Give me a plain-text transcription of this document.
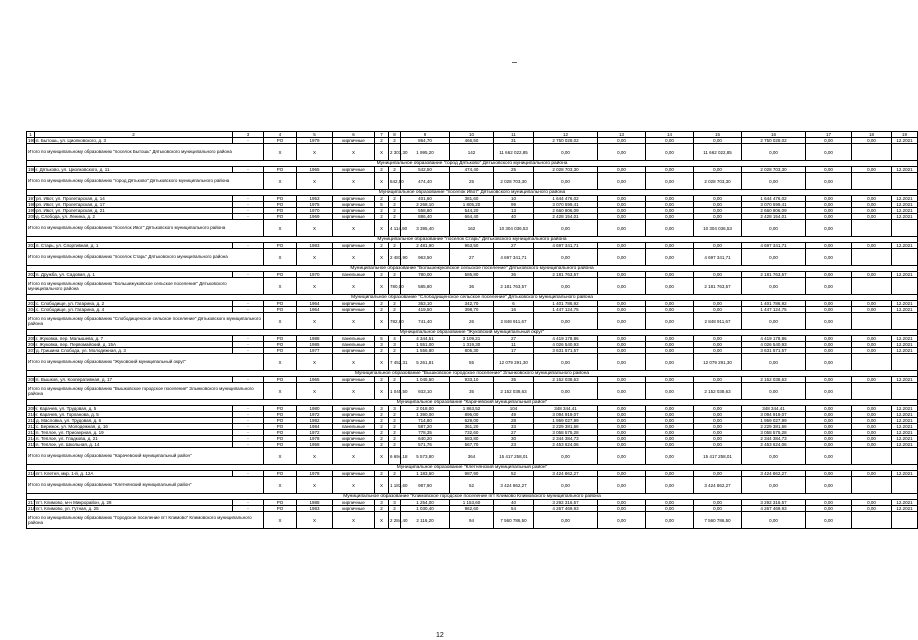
1	2	3	4	5	6	7	8	9	10	11	12	13	14	15	16	17	18	19
195	п. Бытошь, ул. Циолковского, д. 3	-	РО	1979	кирпичные	2	2	864,70	466,50	31	2 750 028,02	0,00	0,00	0,00	2 750 028,02	0,00	0,00	12.2021
Итого по муниципальному образованию "поселок Бытошь" Дятьковского муниципального района			X	X	X	X	2 301,30	1 995,20	142	11 662 022,85	0,00	0,00	0,00	11 662 022,85	0,00	0,00		
Муниципальное образование "город Дятьково" Дятьковского муниципального района																		
196	г. Дятьково, ул. Циолковского, д. 11	-	РО	1965	кирпичные	2	2	542,50	474,40	25	2 028 703,30	0,00	0,00	0,00	2 028 703,30	0,00	0,00	12.2021
Итого по муниципальному образованию "город Дятьково" Дятьковского муниципального района			X	X	X	X	542,50	474,40	25	2 028 703,30	0,00	0,00	0,00	2 028 703,30	0,00	0,00		
Муниципальное образование "поселок Ивот" Дятьковского муниципального района																		
197	рп. Ивот, ул. Пролетарская, д. 14	-	РО	1953	кирпичные	2	2	401,60	381,60	10	1 644 476,02	0,00	0,00	0,00	1 644 476,02	0,00	0,00	12.2021
198	рп. Ивот, ул. Пролетарская, д. 17	-	РО	1975	кирпичные	5	2	2 268,10	1 805,20	99	3 070 599,41	0,00	0,00	0,00	3 070 599,41	0,00	0,00	12.2021
199	рп. Ивот, ул. Пролетарская, д. 21	-	РО	1970	кирпичные	2	2	558,80	544,20	13	2 660 806,09	0,00	0,00	0,00	2 660 806,09	0,00	0,00	12.2021
209	д. Слобода, ул. Ленина, д. 2	-	РО	1969	кирпичные	2	2	886,40	664,40	40	2 428 154,01	0,00	0,00	0,00	2 428 154,01	0,00	0,00	12.2021
Итого по муниципальному образованию "поселок Ивот" Дятьковского муниципального района			X	X	X	X	4 114,90	3 395,40	162	10 304 036,53	0,00	0,00	0,00	10 304 036,53	0,00	0,00		
Муниципальное образование "поселок Старь" Дятьковского муниципального района																		
201	п. Старь, ул. Спортивная, д. 1	-	РО	1983	кирпичные	2	2	2 481,90	963,50	27	4 697 341,71	0,00	0,00	0,00	4 697 341,71	0,00	0,00	12.2021
Итого по муниципальному образованию "поселок Старь" Дятьковского муниципального района			X	X	X	X	2 481,90	963,50	27	4 697 341,71	0,00	0,00	0,00	4 697 341,71	0,00	0,00		
Муниципальное образование "Большежуковское сельское поселение" Дятьковского муниципального района																		
202	п. Дружба, ул. Садовая, д. 1	-	РО	1970	панельные	2	2	780,00	585,80	36	2 181 763,57	0,00	0,00	0,00	2 181 763,57	0,00	0,00	12.2021
Итого по муниципальному образованию "Большежуковское сельское поселение" Дятьковского муниципального района			X	X	X	X	780,00	585,80	36	2 181 763,57	0,00	0,00	0,00	2 181 763,57	0,00	0,00		
Муниципальное образование "Слободищенское сельское поселение" Дятьковского муниципального района																		
203	с. Слободище, ул. Гагарина, д. 2	-	РО	1964	кирпичные	2	2	363,10	342,70	6	1 401 786,92	0,00	0,00	0,00	1 401 786,92	0,00	0,00	12.2021
204	с. Слободище, ул. Гагарина, д. 4	-	РО	1964	кирпичные	2	2	419,50	398,70	16	1 447 124,75	0,00	0,00	0,00	1 447 124,75	0,00	0,00	12.2021
Итого по муниципальному образованию "Слободищенское сельское поселение" Дятьковского муниципального района			X	X	X	X	782,60	741,40	26	2 848 911,67	0,00	0,00	0,00	2 848 911,67	0,00	0,00		
Муниципальное образование "Жуковский муниципальный округ"																		
205	г. Жуковка, пер. Малышева, д. 7	-	РО	1988	панельные	5	4	4 344,51	3 109,21	27	4 419 178,86	0,00	0,00	0,00	4 419 178,86	0,00	0,00	12.2021
206	г. Жуковка, пер. Первомайский, д. 15А	-	РО	1985	панельные	3	3	1 551,00	1 319,30	11	4 026 540,93	0,00	0,00	0,00	4 026 540,93	0,00	0,00	12.2021
207	д. Гришина Слобода, ул. Молодежная, д. 3	-	РО	1977	кирпичные	2	2	1 556,80	805,30	17	3 631 571,57	0,00	0,00	0,00	3 631 571,57	0,00	0,00	12.2021
Итого по муниципальному образованию "Жуковский муниципальный округ"			X	X	X	X	7 452,31	5 261,81	55	12 079 291,30	0,00	0,00	0,00	12 079 291,30	0,00	0,00		
Муниципальное образование "Вышковское городское поселение" Злынковского муниципального района																		
208	п. Вышков, ул. Кооперативная, д. 17	-	РО	1965	кирпичные	2	2	1 045,50	933,10	35	2 152 038,63	0,00	0,00	0,00	2 152 038,63	0,00	0,00	12.2021
Итого по муниципальному образованию "Вышковское городское поселение" Злынковского муниципального района			X	X	X	X	1 045,50	933,10	35	2 152 038,63	0,00	0,00	0,00	2 152 038,63	0,00	0,00		
Муниципальное образование "Карачевский муниципальный район"																		
209	г. Карачев, ул. Трудовая, д. 5	-	РО	1980	кирпичные	3	3	2 018,00	1 863,52	104	348 344,41	0,00	0,00	0,00	348 344,41	0,00	0,00	12.2021
210	г. Карачев, ул. Горланова, д. 5	-	РО	1972	кирпичные	2	2	1 390,00	896,00	49	3 094 919,07	0,00	0,00	0,00	3 094 919,07	0,00	0,00	12.2021
211	д. Масловка, ул. Трудовая, д. 6	-	РО	1982	кирпичные	2	2	714,80	629,00	28	1 959 027,99	0,00	0,00	0,00	1 959 027,99	0,00	0,00	12.2021
212	с. Бережок, ул. Молодежная, д. 16	-	РО	1984	панельные	2	2	587,20	361,20	33	2 229 381,56	0,00	0,00	0,00	2 229 381,56	0,00	0,00	12.2021
213	п. Теплое, ул. Приозерная, д. 19	-	РО	1972	кирпичные	2	2	778,35	732,60	27	3 058 575,28	0,00	0,00	0,00	3 058 575,28	0,00	0,00	12.2021
214	п. Теплое, ул. Гладкова, д. 21	-	РО	1978	кирпичные	2	2	640,20	583,80	30	2 344 384,73	0,00	0,00	0,00	2 344 384,73	0,00	0,00	12.2021
215	п. Теплое, ул. Школьная, д. 14	-	РО	1958	кирпичные	2	2	571,76	567,70	23	2 453 624,06	0,00	0,00	0,00	2 453 624,06	0,00	0,00	12.2021
Итого по муниципальному образованию "Карачевский муниципальный район"			X	X	X	X	6 694,18	5 573,80	364	15 417 258,01	0,00	0,00	0,00	15 417 258,01	0,00	0,00		
Муниципальное образование "Клетнянский муниципальный район"																		
216	пгт. Клетня, мкр. 1-й, д. 12А	-	РО	1978	кирпичные	2	2	1 183,60	987,90	52	3 424 862,27	0,00	0,00	0,00	3 424 862,27	0,00	0,00	12.2021
Итого по муниципальному образованию "Клетнянский муниципальный район"			X	X	X	X	1 183,60	987,90	52	3 424 862,27	0,00	0,00	0,00	3 424 862,27	0,00	0,00		
Муниципальное образование "Климовское городское поселение пгт Климово Климовского муниципального района																		
217	пгт. Климово, м-н Микрорайон, д. 28	-	РО	1988	кирпичные	3	3	1 254,00	1 153,60	40	3 292 316,57	0,00	0,00	0,00	3 292 316,57	0,00	0,00	12.2021
218	пгт. Климово, ул. Гутная, д. 25	-	РО	1983	кирпичные	2	2	1 030,40	962,60	54	4 267 469,93	0,00	0,00	0,00	4 267 469,93	0,00	0,00	12.2021
Итого по муниципальному образованию "Городское поселение пгт Климово" Климовского муниципального района			X	X	X	X	2 284,40	2 116,20	94	7 560 786,50	0,00	0,00	0,00	7 560 786,50	0,00	0,00		
12
